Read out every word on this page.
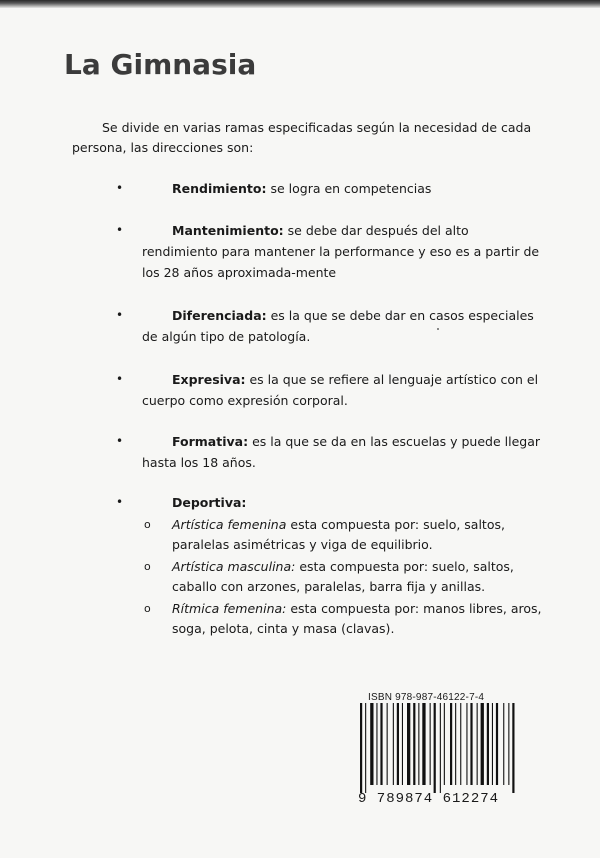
La Gimnasia

Se divide en varias ramas especificadas según la necesidad de cada persona, las direcciones son:

•	Rendimiento: se logra en competencias
•	Mantenimiento: se debe dar después del alto rendimiento para mantener la performance y eso es a partir de los 28 años aproximada-mente
•	Diferenciada: es la que se debe dar en casos especiales de algún tipo de patología.
•	Expresiva: es la que se refiere al lenguaje artístico con el cuerpo como expresión corporal.
•	Formativa: es la que se da en las escuelas y puede llegar hasta los 18 años.
•	Deportiva:
o Artística femenina esta compuesta por: suelo, saltos, paralelas asimétricas y viga de equilibrio.
o Artística masculina: esta compuesta por: suelo, saltos, caballo con arzones, paralelas, barra fija y anillas.
o Rítmica femenina: esta compuesta por: manos libres, aros, soga, pelota, cinta y masa (clavas).
ISBN 978-987-46122-7-4
9 789874 612274
